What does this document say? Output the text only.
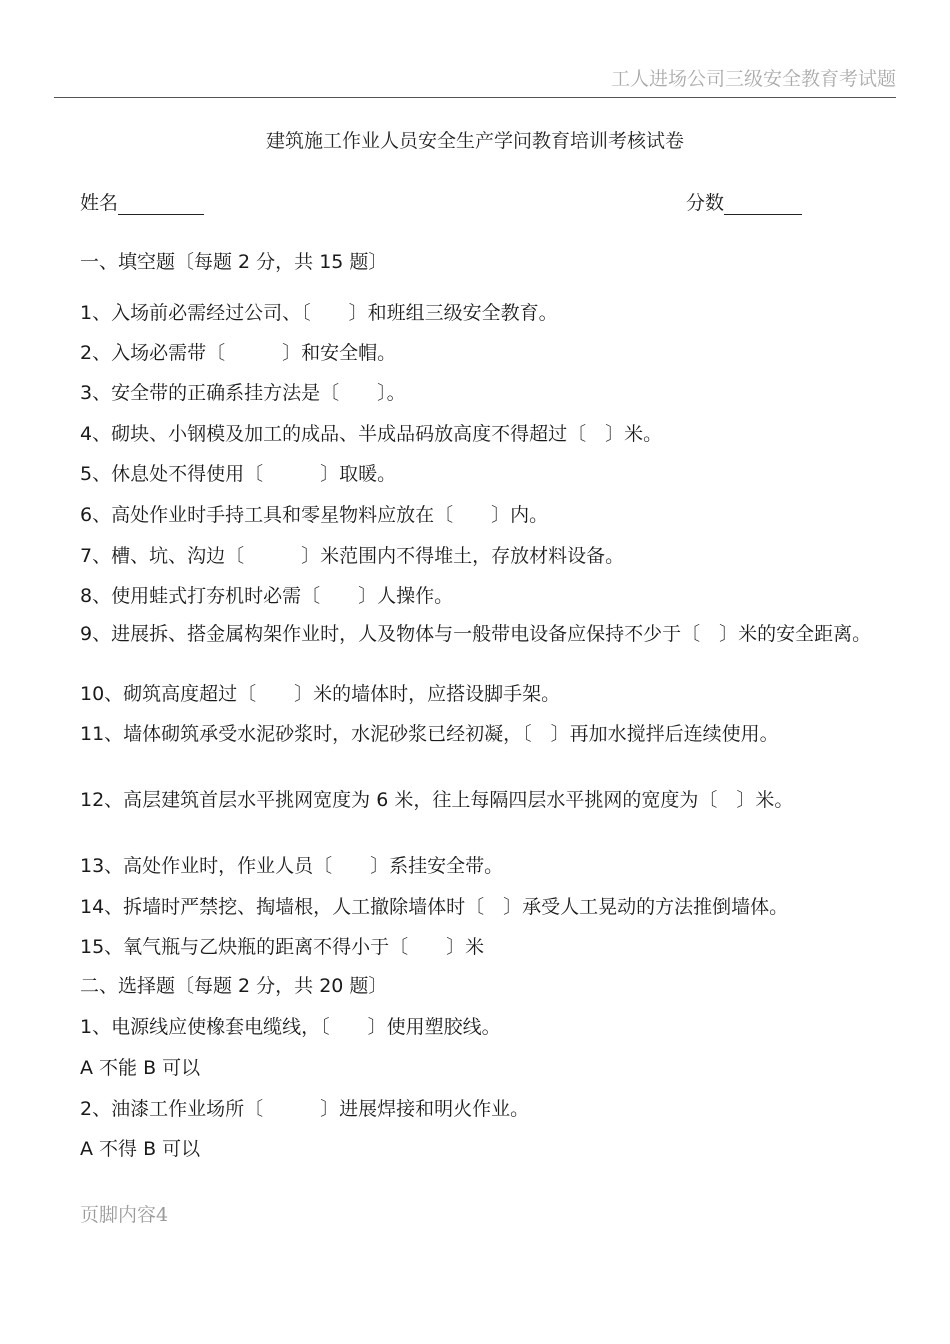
工人进场公司三级安全教育考试题
建筑施工作业人员安全生产学问教育培训考核试卷
姓名	分数
一、填空题〔每题 2 分，共 15 题〕
1、入场前必需经过公司、〔　　〕和班组三级安全教育。
2、入场必需带〔　　　〕和安全帽。
3、安全带的正确系挂方法是〔　　〕。
4、砌块、小钢模及加工的成品、半成品码放高度不得超过〔　〕米。
5、休息处不得使用〔　　　〕取暖。
6、高处作业时手持工具和零星物料应放在〔　　〕内。
7、槽、坑、沟边〔　　　〕米范围内不得堆土，存放材料设备。
8、使用蛙式打夯机时必需〔　　〕人操作。
9、进展拆、搭金属构架作业时，人及物体与一般带电设备应保持不少于〔　〕米的安全距离。
10、砌筑高度超过〔　　〕米的墙体时，应搭设脚手架。
11、墙体砌筑承受水泥砂浆时，水泥砂浆已经初凝，〔　〕再加水搅拌后连续使用。
12、高层建筑首层水平挑网宽度为 6 米，往上每隔四层水平挑网的宽度为〔　〕米。
13、高处作业时，作业人员〔　　〕系挂安全带。
14、拆墙时严禁挖、掏墙根，人工撤除墙体时〔　〕承受人工晃动的方法推倒墙体。
15、氧气瓶与乙炔瓶的距离不得小于〔　　〕米
二、选择题〔每题 2 分，共 20 题〕
1、电源线应使橡套电缆线，〔　　〕使用塑胶线。
A 不能 B 可以
2、油漆工作业场所〔　　　〕进展焊接和明火作业。
A 不得 B 可以
页脚内容4
